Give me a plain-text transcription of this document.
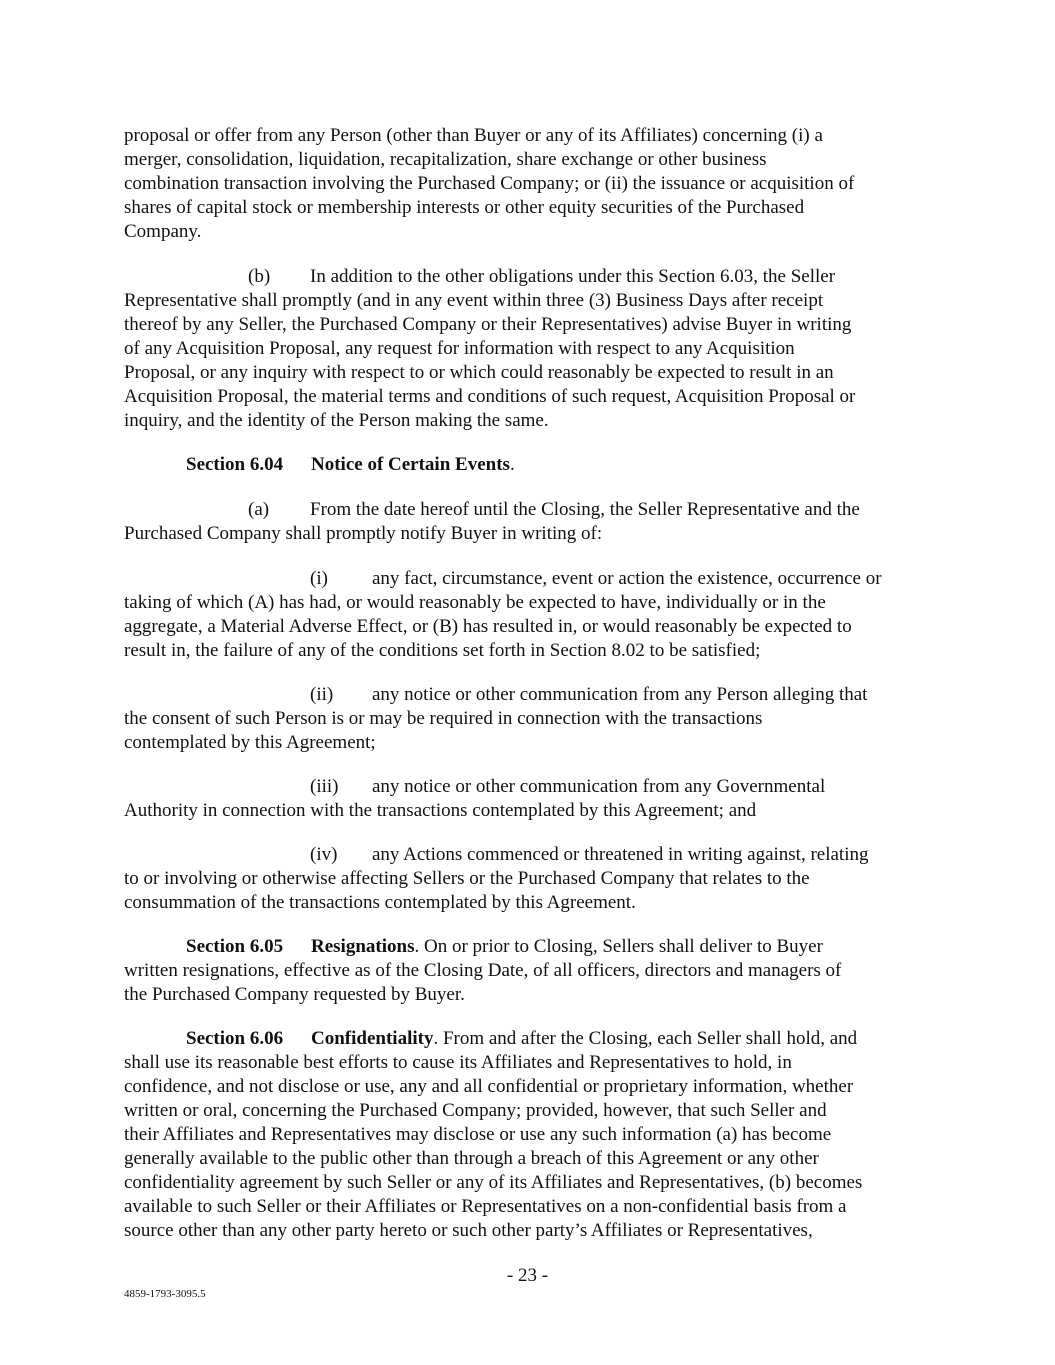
proposal or offer from any Person (other than Buyer or any of its Affiliates) concerning (i) a
merger, consolidation, liquidation, recapitalization, share exchange or other business
combination transaction involving the Purchased Company; or (ii) the issuance or acquisition of
shares of capital stock or membership interests or other equity securities of the Purchased
Company.
(b) In addition to the other obligations under this Section 6.03, the Seller
Representative shall promptly (and in any event within three (3) Business Days after receipt
thereof by any Seller, the Purchased Company or their Representatives) advise Buyer in writing
of any Acquisition Proposal, any request for information with respect to any Acquisition
Proposal, or any inquiry with respect to or which could reasonably be expected to result in an
Acquisition Proposal, the material terms and conditions of such request, Acquisition Proposal or
inquiry, and the identity of the Person making the same.
Section 6.04 Notice of Certain Events.
(a) From the date hereof until the Closing, the Seller Representative and the
Purchased Company shall promptly notify Buyer in writing of:
(i) any fact, circumstance, event or action the existence, occurrence or
taking of which (A) has had, or would reasonably be expected to have, individually or in the
aggregate, a Material Adverse Effect, or (B) has resulted in, or would reasonably be expected to
result in, the failure of any of the conditions set forth in Section 8.02 to be satisfied;
(ii) any notice or other communication from any Person alleging that
the consent of such Person is or may be required in connection with the transactions
contemplated by this Agreement;
(iii) any notice or other communication from any Governmental
Authority in connection with the transactions contemplated by this Agreement; and
(iv) any Actions commenced or threatened in writing against, relating
to or involving or otherwise affecting Sellers or the Purchased Company that relates to the
consummation of the transactions contemplated by this Agreement.
Section 6.05 Resignations. On or prior to Closing, Sellers shall deliver to Buyer
written resignations, effective as of the Closing Date, of all officers, directors and managers of
the Purchased Company requested by Buyer.
Section 6.06 Confidentiality. From and after the Closing, each Seller shall hold, and
shall use its reasonable best efforts to cause its Affiliates and Representatives to hold, in
confidence, and not disclose or use, any and all confidential or proprietary information, whether
written or oral, concerning the Purchased Company; provided, however, that such Seller and
their Affiliates and Representatives may disclose or use any such information (a) has become
generally available to the public other than through a breach of this Agreement or any other
confidentiality agreement by such Seller or any of its Affiliates and Representatives, (b) becomes
available to such Seller or their Affiliates or Representatives on a non-confidential basis from a
source other than any other party hereto or such other party’s Affiliates or Representatives,
- 23 -
4859-1793-3095.5
